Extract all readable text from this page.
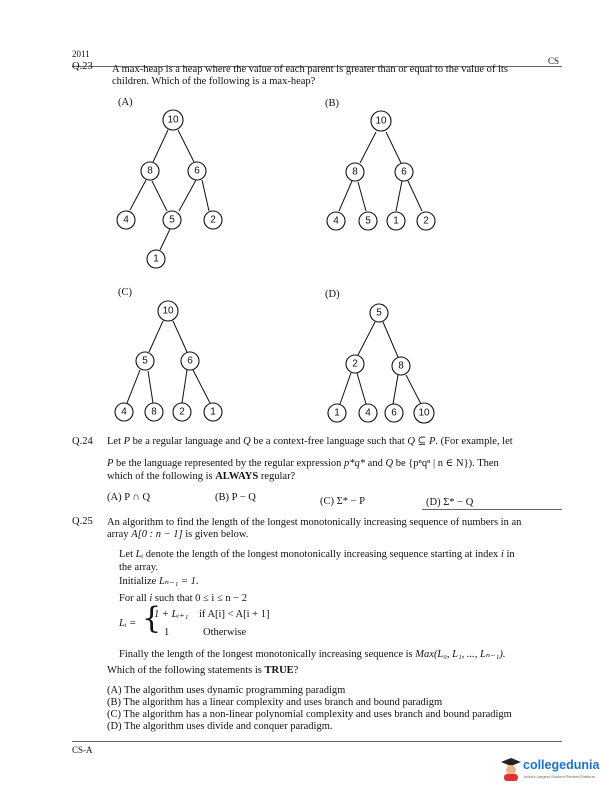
2011
CS
Q.23 A max-heap is a heap where the value of each parent is greater than or equal to the value of its
children. Which of the following is a max-heap?
(A)	(B)
(C)	(D)
10
8	6
4	5	2
1
10
8	6
4	5 1 2
10
5	6
4 8 2	1
5
2	8
1	4 6 10
Q.24 Let P be a regular language and Q be a context-free language such that Q ⊆ P. (For example, let
P be the language represented by the regular expression p*q* and Q be {pⁿqⁿ | n ∈ N}). Then
which of the following is ALWAYS regular?
(A) P ∩ Q	(B) P − Q	(C) Σ* − P	(D) Σ* − Q
Q.25 An algorithm to find the length of the longest monotonically increasing sequence of numbers in an
array A[0 : n − 1] is given below.
Let Lᵢ denote the length of the longest monotonically increasing sequence starting at index i in
the array.
Initialize Lₙ₋₁ = 1.
For all i such that 0 ≤ i ≤ n − 2
Lᵢ = {
1 + Lᵢ₊₁ if A[i] < A[i + 1]
1	Otherwise
Finally the length of the longest monotonically increasing sequence is Max(L₀, L₁, ..., Lₙ₋₁).
Which of the following statements is TRUE?
(A) The algorithm uses dynamic programming paradigm
(B) The algorithm has a linear complexity and uses branch and bound paradigm
(C) The algorithm has a non-linear polynomial complexity and uses branch and bound paradigm
(D) The algorithm uses divide and conquer paradigm.
CS-A
collegedunia
India's Largest Student Review Platform
